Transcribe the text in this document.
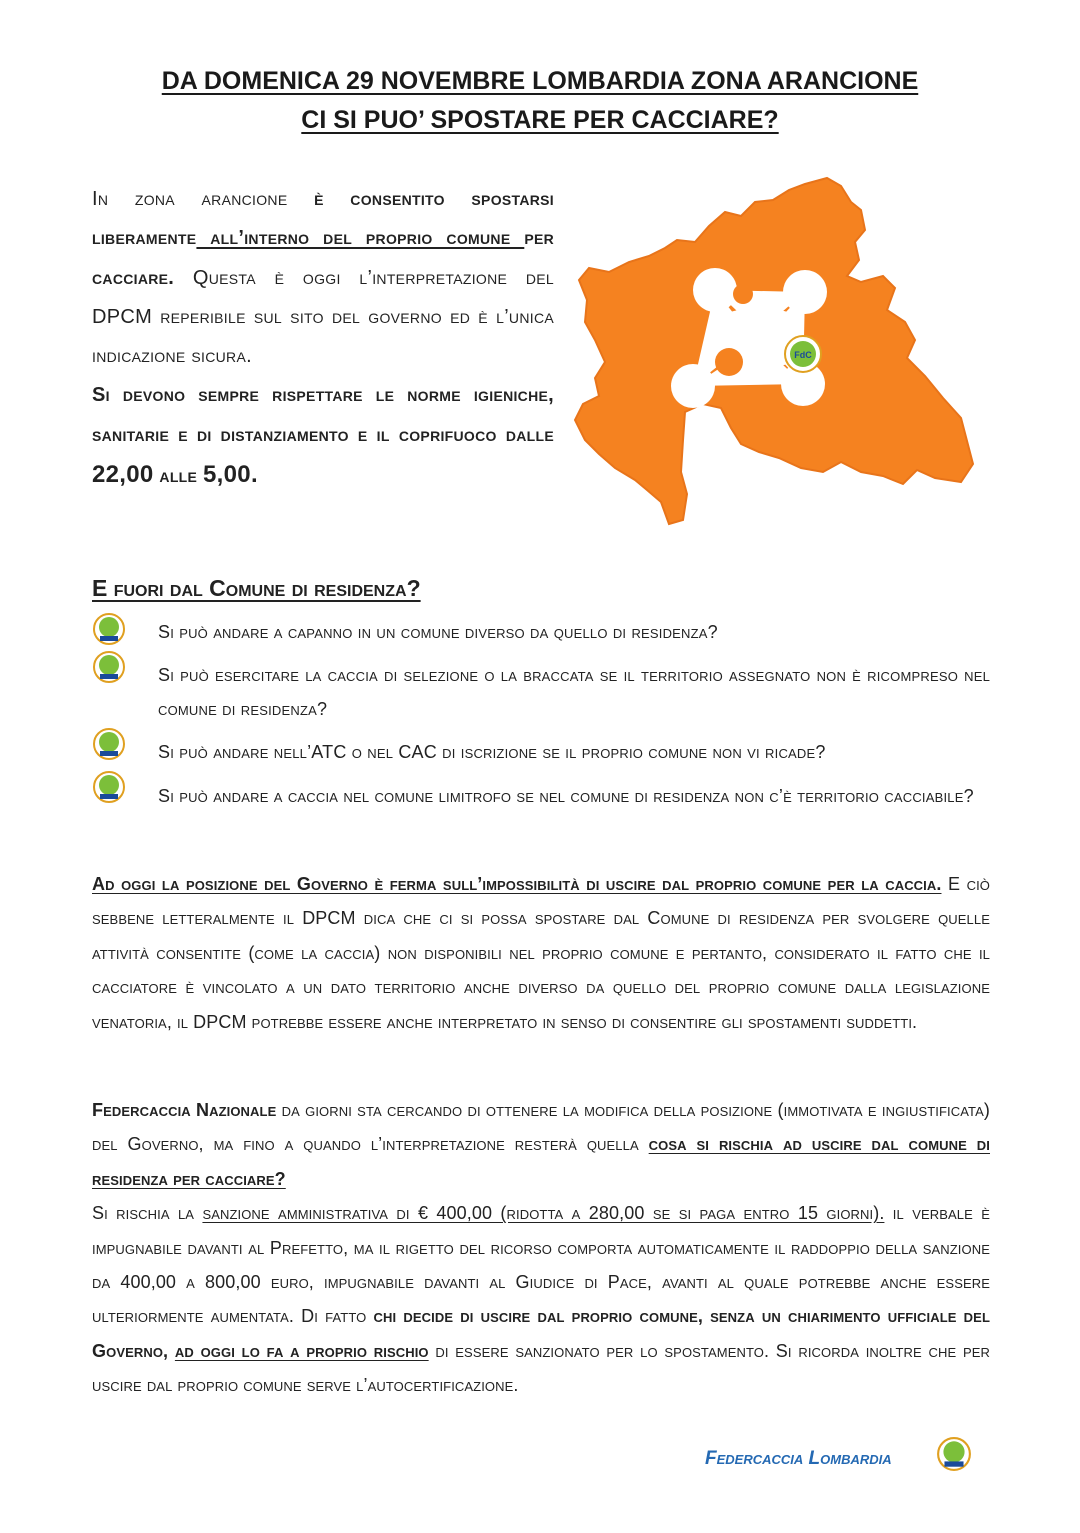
DA DOMENICA 29 NOVEMBRE LOMBARDIA ZONA ARANCIONE
CI SI PUO’ SPOSTARE PER CACCIARE?
In zona arancione è consentito spostarsi liberamente all’interno del proprio comune per cacciare. Questa è oggi l’interpretazione del DPCM reperibile sul sito del governo ed è l’unica indicazione sicura.
Si devono sempre rispettare le norme igieniche, sanitarie e di distanziamento e il coprifuoco dalle 22,00 alle 5,00.
FdC
E fuori dal Comune di residenza?
Si può andare a capanno in un comune diverso da quello di residenza?
Si può esercitare la caccia di selezione o la braccata se il territorio assegnato non è ricompreso nel comune di residenza?
Si può andare nell’ATC o nel CAC di iscrizione se il proprio comune non vi ricade?
Si può andare a caccia nel comune limitrofo se nel comune di residenza non c’è territorio cacciabile?
Ad oggi la posizione del Governo è ferma sull’impossibilità di uscire dal proprio comune per la caccia. E ciò sebbene letteralmente il DPCM dica che ci si possa spostare dal Comune di residenza per svolgere quelle attività consentite (come la caccia) non disponibili nel proprio comune e pertanto, considerato il fatto che il cacciatore è vincolato a un dato territorio anche diverso da quello del proprio comune dalla legislazione venatoria, il DPCM potrebbe essere anche interpretato in senso di consentire gli spostamenti suddetti.
Federcaccia Nazionale da giorni sta cercando di ottenere la modifica della posizione (immotivata e ingiustificata) del Governo, ma fino a quando l’interpretazione resterà quella cosa si rischia ad uscire dal comune di residenza per cacciare?
Si rischia la sanzione amministrativa di € 400,00 (ridotta a 280,00 se si paga entro 15 giorni). il verbale è impugnabile davanti al Prefetto, ma il rigetto del ricorso comporta automaticamente il raddoppio della sanzione da 400,00 a 800,00 euro, impugnabile davanti al Giudice di Pace, avanti al quale potrebbe anche essere ulteriormente aumentata. Di fatto chi decide di uscire dal proprio comune, senza un chiarimento ufficiale del Governo, ad oggi lo fa a proprio rischio di essere sanzionato per lo spostamento. Si ricorda inoltre che per uscire dal proprio comune serve l’autocertificazione.
Federcaccia Lombardia
